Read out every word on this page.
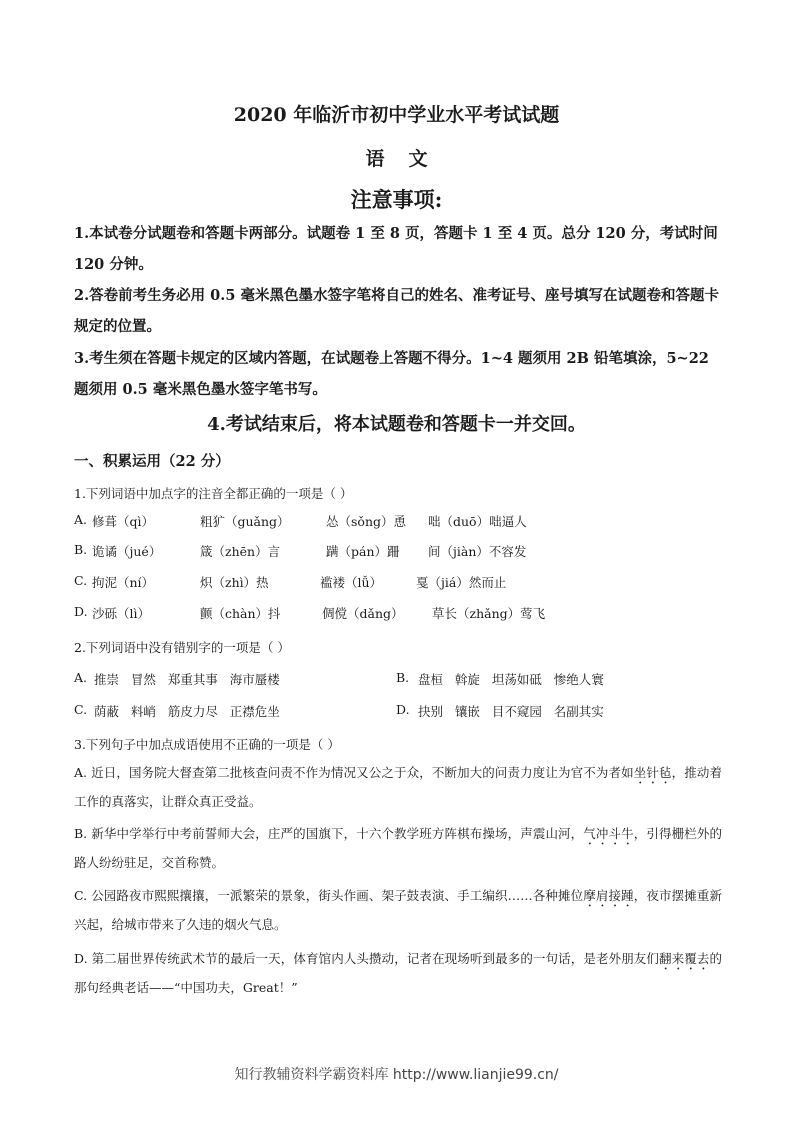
2020 年临沂市初中学业水平考试试题
语文
注意事项:
1.本试卷分试题卷和答题卡两部分。试题卷 1 至 8 页，答题卡 1 至 4 页。总分 120 分，考试时间 120 分钟。
2.答卷前考生务必用 0.5 毫米黑色墨水签字笔将自己的姓名、准考证号、座号填写在试题卷和答题卡规定的位置。
3.考生须在答题卡规定的区域内答题，在试题卷上答题不得分。1~4 题须用 2B 铅笔填涂，5~22 题须用 0.5 毫米黑色墨水签字笔书写。
4.考试结束后，将本试题卷和答题卡一并交回。
一、积累运用（22 分）
1.下列词语中加点字的注音全都正确的一项是（ ）
A. 修葺（qì）	粗犷（guǎng）	怂（sǒng）恿 咄（duō）咄逼人
B. 诡谲（jué）	箴（zhēn）言	蹒（pán）跚 间（jiàn）不容发
C. 拘泥（ní）	炽（zhì）热	褴褛（lǚ）	戛（jiá）然而止
D. 沙砾（lì）	颤（chàn）抖	倜傥（dǎng） 草长（zhǎng）莺飞
2.下列词语中没有错别字的一项是（ ）
A. 推崇   冒然   郑重其事   海市蜃楼	B. 盘桓   斡旋   坦荡如砥   惨绝人寰
C. 荫蔽   料峭   筋皮力尽   正襟危坐	D. 抉别   镶嵌   目不窥园   名副其实
3.下列句子中加点成语使用不正确的一项是（ ）
A. 近日，国务院大督查第二批核查问责不作为情况又公之于众，不断加大的问责力度让为官不为者如坐针毡，推动着工作的真落实，让群众真正受益。
B. 新华中学举行中考前誓师大会，庄严的国旗下，十六个教学班方阵棋布操场，声震山河，气冲斗牛，引得栅栏外的路人纷纷驻足，交首称赞。
C. 公园路夜市熙熙攘攘，一派繁荣的景象，街头作画、架子鼓表演、手工编织……各种摊位摩肩接踵，夜市摆摊重新兴起，给城市带来了久违的烟火气息。
D. 第二届世界传统武术节的最后一天，体育馆内人头攒动，记者在现场听到最多的一句话，是老外朋友们翻来覆去的那句经典老话——“中国功夫，Great！”
知行教辅资料学霸资料库 http://www.lianjie99.cn/
